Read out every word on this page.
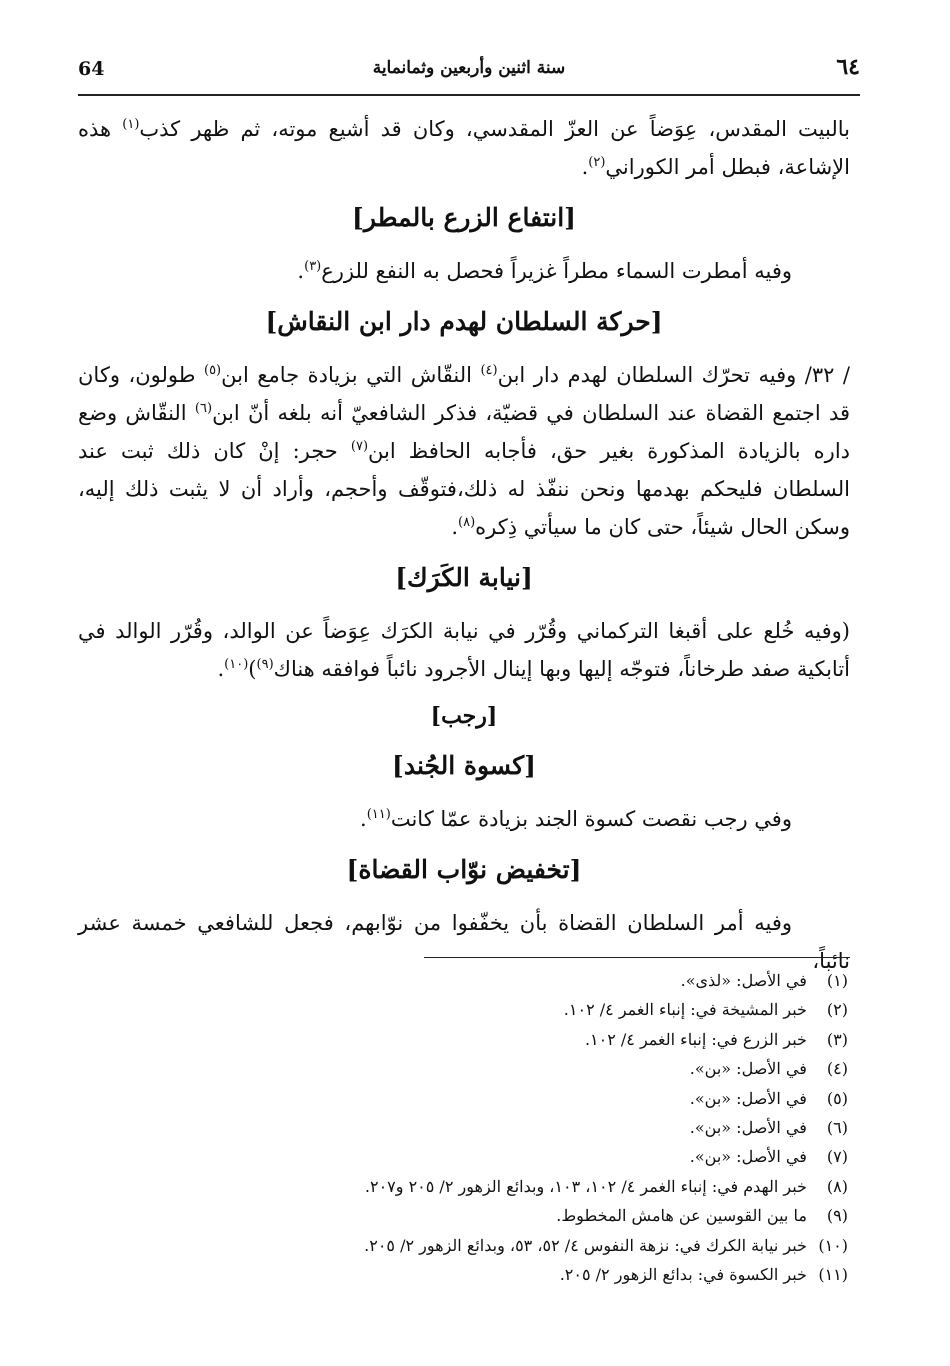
64	سنة اثنين وأربعين وثمانماية	٦٤

بالبيت المقدس، عِوَضاً عن العزّ المقدسي، وكان قد أشيع موته، ثم ظهر كذب$^{(١)}$ هذه الإشاعة، فبطل أمر الكوراني$^{(٢)}$.

[انتفاع الزرع بالمطر]

وفيه أمطرت السماء مطراً غزيراً فحصل به النفع للزرع$^{(٣)}$.

[حركة السلطان لهدم دار ابن النقاش]

/ ٣٢/ وفيه تحرّك السلطان لهدم دار ابن$^{(٤)}$ النقّاش التي بزيادة جامع ابن$^{(٥)}$ طولون، وكان قد اجتمع القضاة عند السلطان في قضيّة، فذكر الشافعيّ أنه بلغه أنّ ابن$^{(٦)}$ النقّاش وضع داره بالزيادة المذكورة بغير حق، فأجابه الحافظ ابن$^{(٧)}$ حجر: إنْ كان ذلك ثبت عند السلطان فليحكم بهدمها ونحن ننفّذ له ذلك،فتوقّف وأحجم، وأراد أن لا يثبت ذلك إليه، وسكن الحال شيئاً، حتى كان ما سيأتي ذِكره$^{(٨)}$.

[نيابة الكَرَك]

(وفيه خُلع على أقبغا التركماني وقُرّر في نيابة الكرَك عِوَضاً عن الوالد، وقُرّر الوالد في أتابكية صفد طرخاناً، فتوجّه إليها وبها إينال الأجرود نائباً فوافقه هناك$^{(٩)}$)$^{(١٠)}$.

[رجب]
[كسوة الجُند]

وفي رجب نقصت كسوة الجند بزيادة عمّا كانت$^{(١١)}$.

[تخفيض نوّاب القضاة]

وفيه أمر السلطان القضاة بأن يخفّفوا من نوّابهم، فجعل للشافعي خمسة عشر نائباً،

(١) في الأصل: «لذى».
(٢) خبر المشيخة في: إنباء الغمر ٤/ ١٠٢.
(٣) خبر الزرع في: إنباء الغمر ٤/ ١٠٢.
(٤) في الأصل: «بن».
(٥) في الأصل: «بن».
(٦) في الأصل: «بن».
(٧) في الأصل: «بن».
(٨) خبر الهدم في: إنباء الغمر ٤/ ١٠٢، ١٠٣، وبدائع الزهور ٢/ ٢٠٥ و٢٠٧.
(٩) ما بين القوسين عن هامش المخطوط.
(١٠) خبر نيابة الكرك في: نزهة النفوس ٤/ ٥٢، ٥٣، وبدائع الزهور ٢/ ٢٠٥.
(١١) خبر الكسوة في: بدائع الزهور ٢/ ٢٠٥.
